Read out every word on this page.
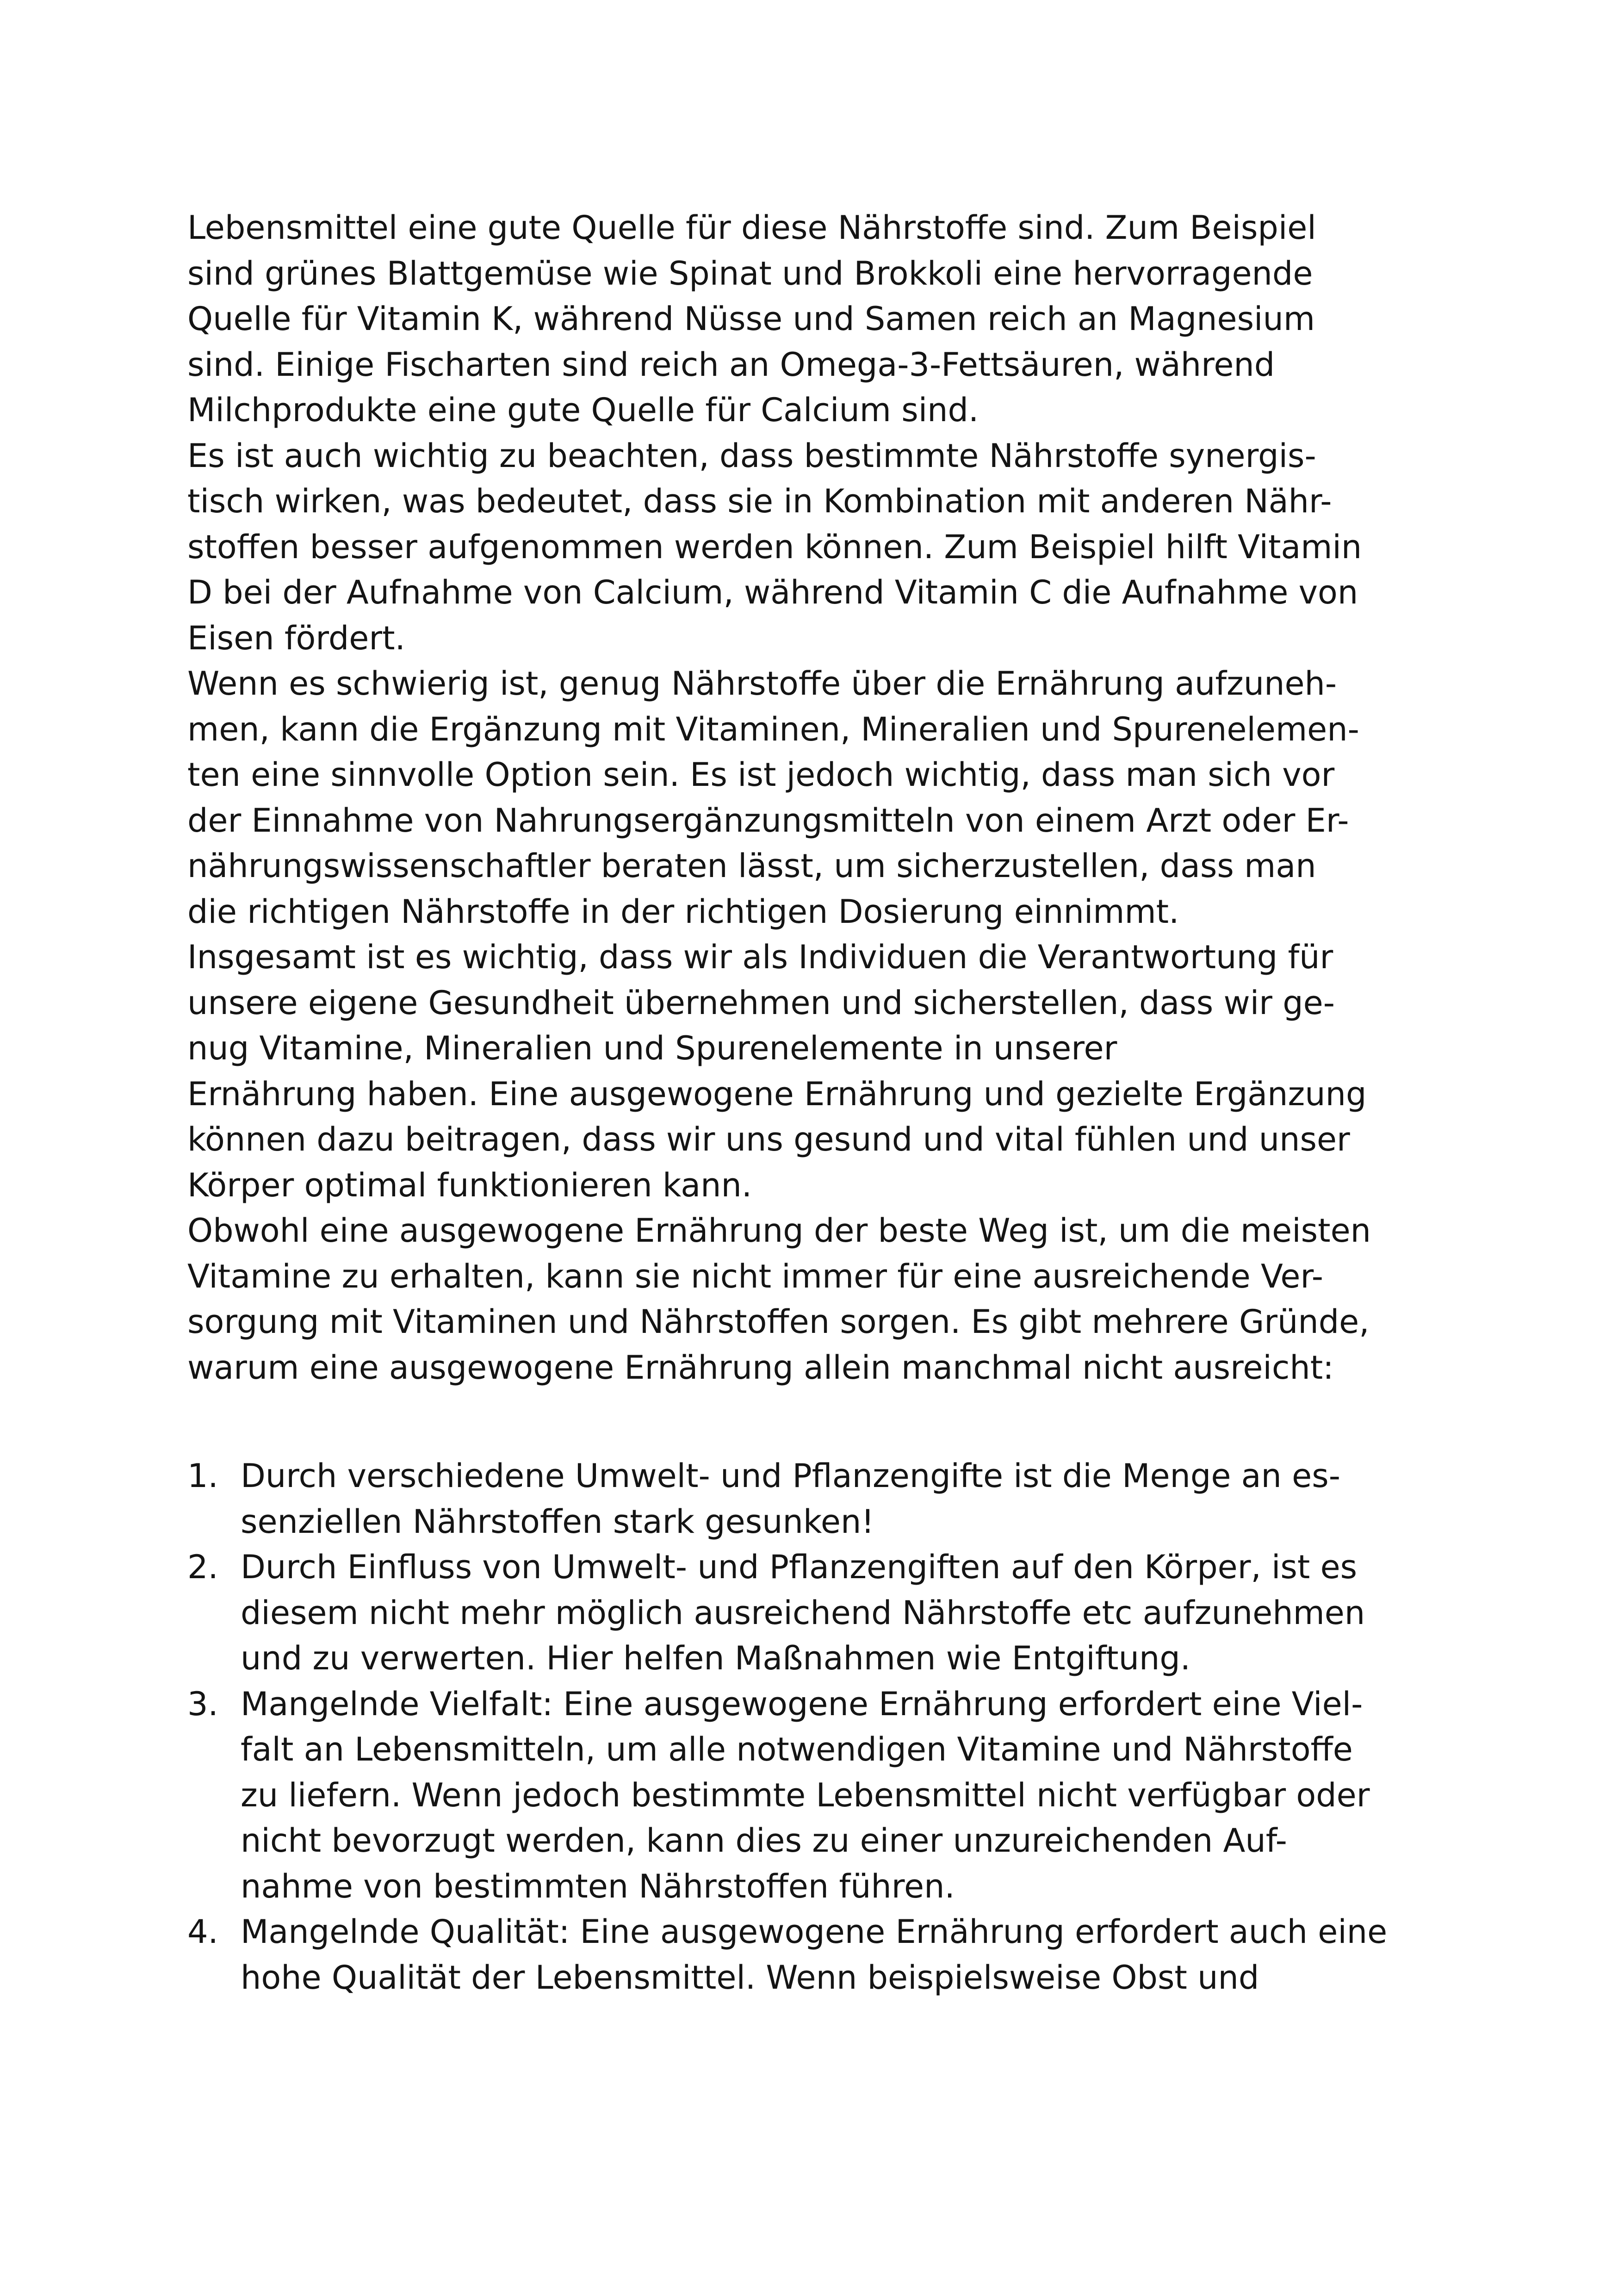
Lebensmittel eine gute Quelle für diese Nährstoffe sind. Zum Beispiel
sind grünes Blattgemüse wie Spinat und Brokkoli eine hervorragende
Quelle für Vitamin K, während Nüsse und Samen reich an Magnesium
sind. Einige Fischarten sind reich an Omega-3-Fettsäuren, während
Milchprodukte eine gute Quelle für Calcium sind.
Es ist auch wichtig zu beachten, dass bestimmte Nährstoffe synergis-
tisch wirken, was bedeutet, dass sie in Kombination mit anderen Nähr-
stoffen besser aufgenommen werden können. Zum Beispiel hilft Vitamin
D bei der Aufnahme von Calcium, während Vitamin C die Aufnahme von
Eisen fördert.
Wenn es schwierig ist, genug Nährstoffe über die Ernährung aufzuneh-
men, kann die Ergänzung mit Vitaminen, Mineralien und Spurenelemen-
ten eine sinnvolle Option sein. Es ist jedoch wichtig, dass man sich vor
der Einnahme von Nahrungsergänzungsmitteln von einem Arzt oder Er-
nährungswissenschaftler beraten lässt, um sicherzustellen, dass man
die richtigen Nährstoffe in der richtigen Dosierung einnimmt.
Insgesamt ist es wichtig, dass wir als Individuen die Verantwortung für
unsere eigene Gesundheit übernehmen und sicherstellen, dass wir ge-
nug Vitamine, Mineralien und Spurenelemente in unserer
Ernährung haben. Eine ausgewogene Ernährung und gezielte Ergänzung
können dazu beitragen, dass wir uns gesund und vital fühlen und unser
Körper optimal funktionieren kann.
Obwohl eine ausgewogene Ernährung der beste Weg ist, um die meisten
Vitamine zu erhalten, kann sie nicht immer für eine ausreichende Ver-
sorgung mit Vitaminen und Nährstoffen sorgen. Es gibt mehrere Gründe,
warum eine ausgewogene Ernährung allein manchmal nicht ausreicht:
1. Durch verschiedene Umwelt- und Pflanzengifte ist die Menge an es-
senziellen Nährstoffen stark gesunken!
2. Durch Einfluss von Umwelt- und Pflanzengiften auf den Körper, ist es
diesem nicht mehr möglich ausreichend Nährstoffe etc aufzunehmen
und zu verwerten. Hier helfen Maßnahmen wie Entgiftung.
3. Mangelnde Vielfalt: Eine ausgewogene Ernährung erfordert eine Viel-
falt an Lebensmitteln, um alle notwendigen Vitamine und Nährstoffe
zu liefern. Wenn jedoch bestimmte Lebensmittel nicht verfügbar oder
nicht bevorzugt werden, kann dies zu einer unzureichenden Auf-
nahme von bestimmten Nährstoffen führen.
4. Mangelnde Qualität: Eine ausgewogene Ernährung erfordert auch eine
hohe Qualität der Lebensmittel. Wenn beispielsweise Obst und
